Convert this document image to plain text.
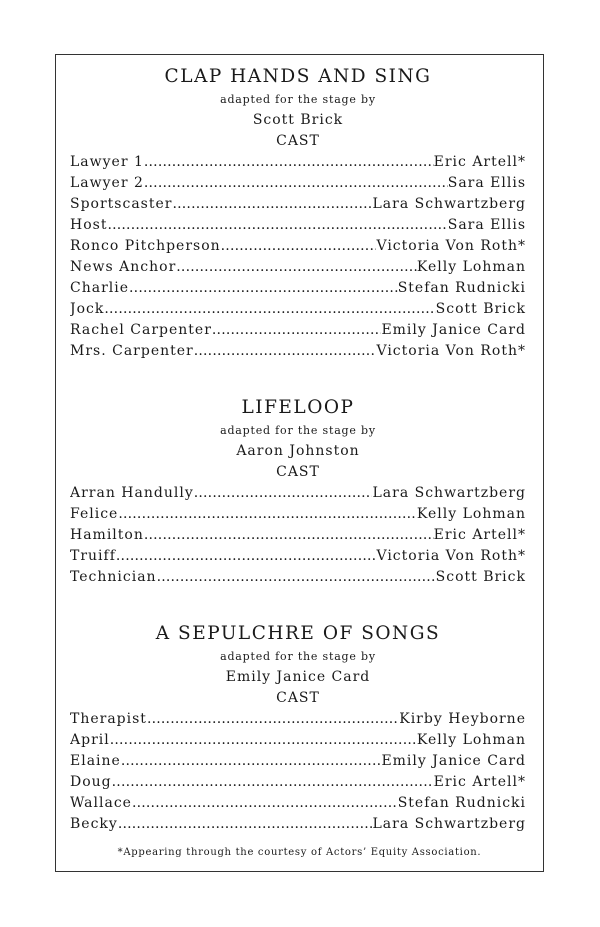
CLAP HANDS AND SING
adapted for the stage by
Scott Brick
CAST
Lawyer 1 .....	Eric Artell*
Lawyer 2 .....	Sara Ellis
Sportscaster .....	Lara Schwartzberg
Host .....	Sara Ellis
Ronco Pitchperson .....	Victoria Von Roth*
News Anchor .....	Kelly Lohman
Charlie .....	Stefan Rudnicki
Jock .....	Scott Brick
Rachel Carpenter .....	Emily Janice Card
Mrs. Carpenter .....	Victoria Von Roth*
LIFELOOP
adapted for the stage by
Aaron Johnston
CAST
Arran Handully .....	Lara Schwartzberg
Felice .....	Kelly Lohman
Hamilton .....	Eric Artell*
Truiff .....	Victoria Von Roth*
Technician .....	Scott Brick
A SEPULCHRE OF SONGS
adapted for the stage by
Emily Janice Card
CAST
Therapist .....	Kirby Heyborne
April .....	Kelly Lohman
Elaine .....	Emily Janice Card
Doug .....	Eric Artell*
Wallace .....	Stefan Rudnicki
Becky .....	Lara Schwartzberg
*Appearing through the courtesy of Actors’ Equity Association.
